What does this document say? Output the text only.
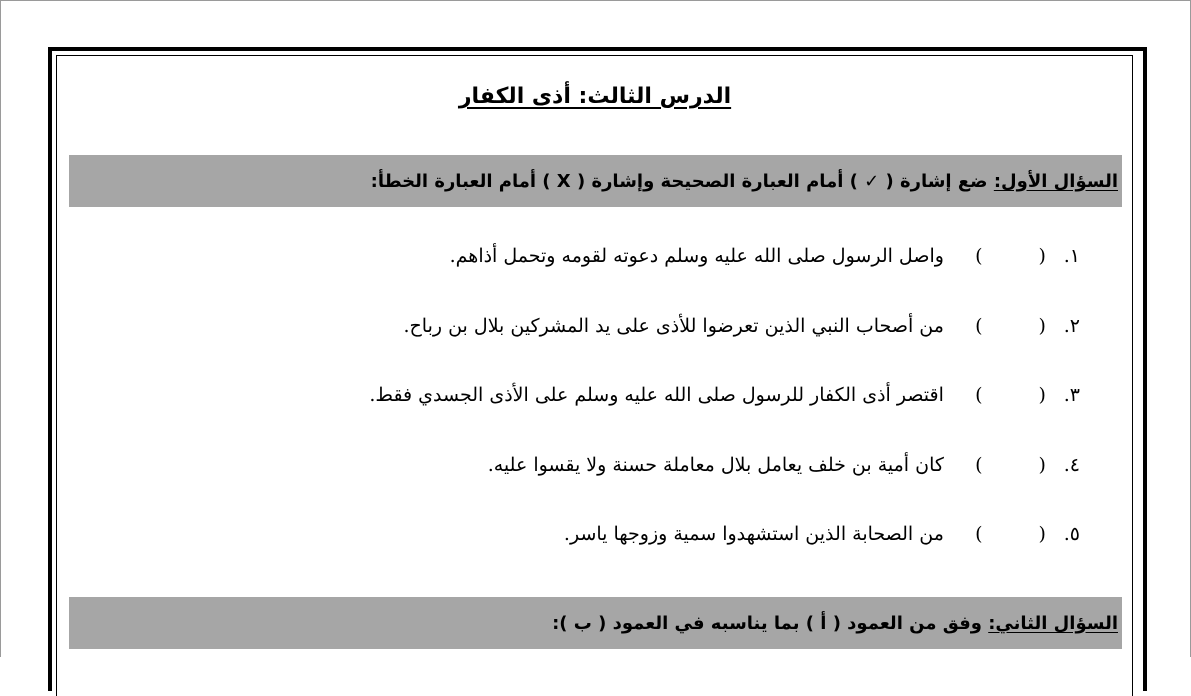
الدرس الثالث: أذى الكفار
السؤال الأول:
ضع إشارة ( ✓ ) أمام العبارة الصحيحة وإشارة ( X ) أمام العبارة الخطأ:
١. ( ) واصل الرسول صلى الله عليه وسلم دعوته لقومه وتحمل أذاهم.
٢. ( ) من أصحاب النبي الذين تعرضوا للأذى على يد المشركين بلال بن رباح.
٣. ( ) اقتصر أذى الكفار للرسول صلى الله عليه وسلم على الأذى الجسدي فقط.
٤. ( ) كان أمية بن خلف يعامل بلال معاملة حسنة ولا يقسوا عليه.
٥. ( ) من الصحابة الذين استشهدوا سمية وزوجها ياسر.
السؤال الثاني:
وفق من العمود ( أ ) بما يناسبه في العمود ( ب ):
